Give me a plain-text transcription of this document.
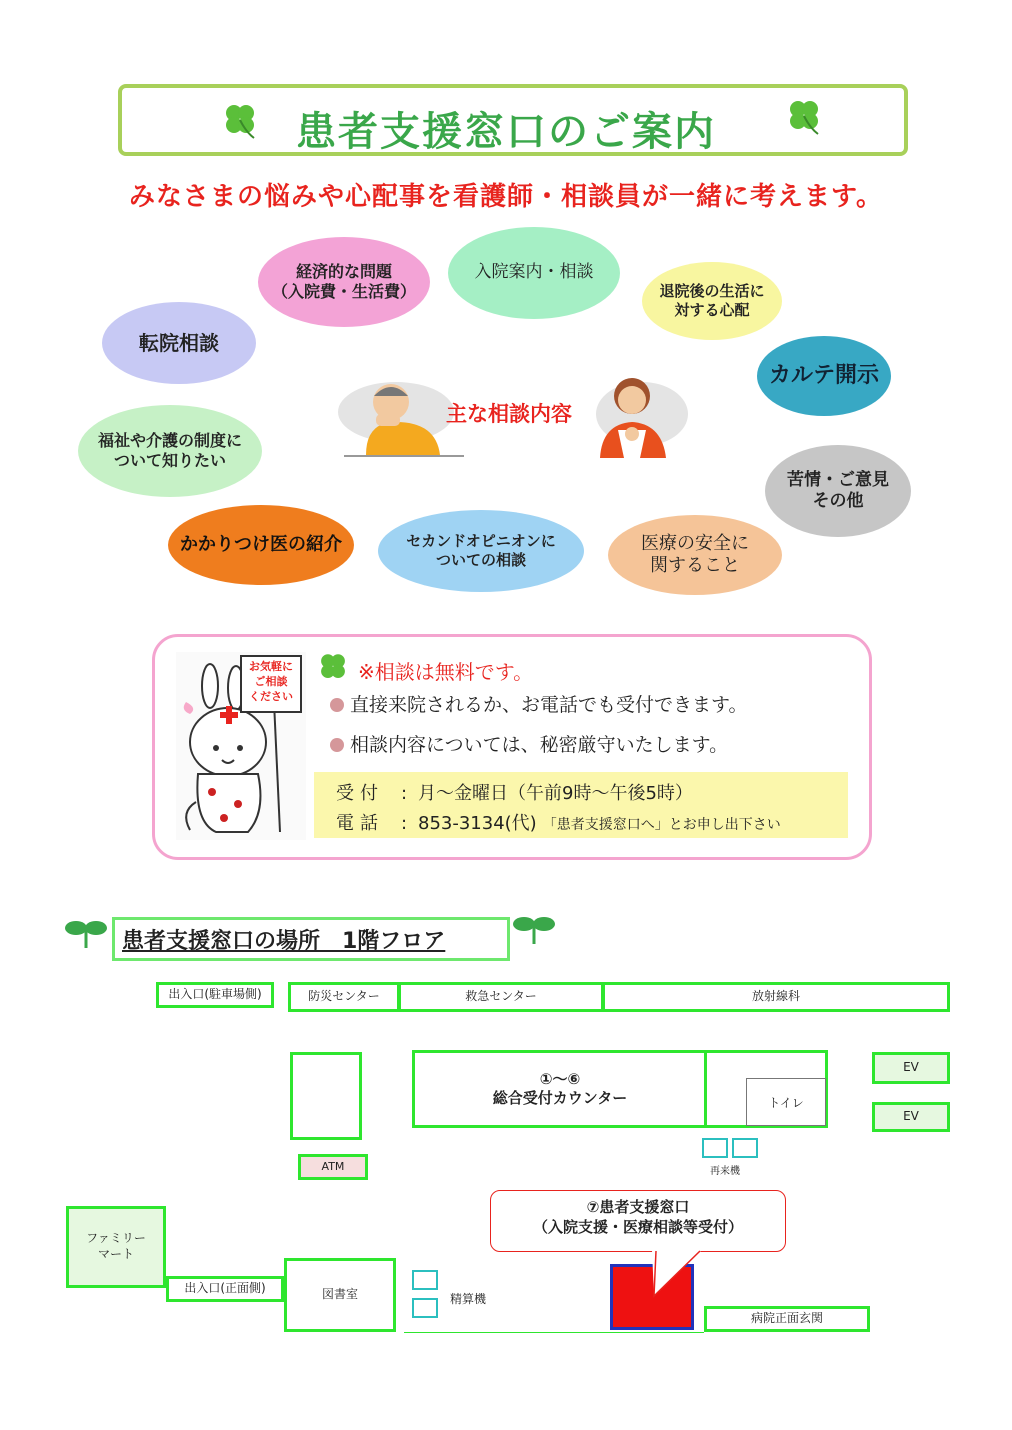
患者支援窓口のご案内
みなさまの悩みや心配事を看護師・相談員が一緒に考えます。
経済的な問題
（入院費・生活費）
入院案内・相談
退院後の生活に
対する心配
転院相談
カルテ開示
福祉や介護の制度に
ついて知りたい
苦情・ご意見
その他
かかりつけ医の紹介	セカンドオピニオンに
ついての相談
医療の安全に
関すること
主な相談内容
お気軽に
ご相談
ください
※相談は無料です。
直接来院されるか、お電話でも受付できます。
相談内容については、秘密厳守いたします。
受付 : 月～金曜日（午前9時～午後5時）
電話 : 853-3134(代) 「患者支援窓口へ」とお申し出下さい
患者支援窓口の場所　1階フロア
出入口(駐車場側)	防災センター	救急センター	放射線科
①～⑥
総合受付カウンター	トイレ
EV
EV
ATM	再来機
ファミリー
マート
出入口(正面側)	図書室	精算機
⑦患者支援窓口
（入院支援・医療相談等受付）
病院正面玄関
